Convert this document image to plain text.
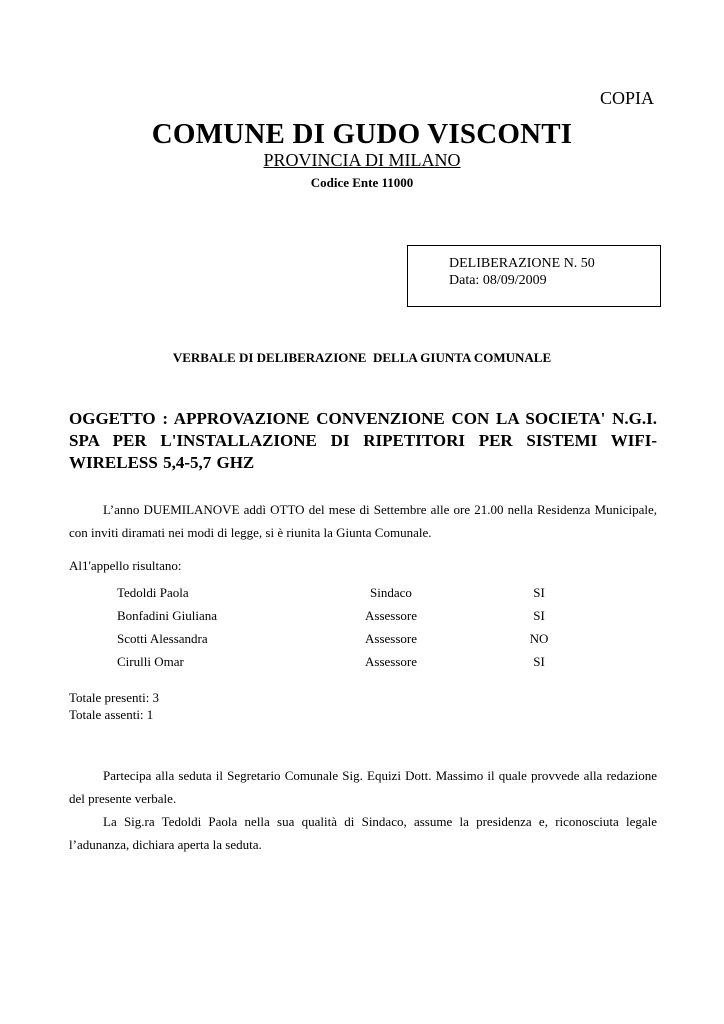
COPIA
COMUNE DI GUDO VISCONTI
PROVINCIA DI MILANO
Codice Ente 11000
DELIBERAZIONE N. 50
Data: 08/09/2009
VERBALE DI DELIBERAZIONE  DELLA GIUNTA COMUNALE
OGGETTO : APPROVAZIONE CONVENZIONE CON LA SOCIETA' N.G.I. SPA PER L'INSTALLAZIONE DI RIPETITORI PER SISTEMI WIFI-WIRELESS 5,4-5,7 GHZ
L’anno DUEMILANOVE addì OTTO del mese di Settembre alle ore 21.00 nella Residenza Municipale, con inviti diramati nei modi di legge, si è riunita la Giunta Comunale.
Al1'appello risultano:
Tedoldi Paola	Sindaco	SI
Bonfadini Giuliana	Assessore	SI
Scotti Alessandra	Assessore	NO
Cirulli Omar	Assessore	SI
Totale presenti: 3
Totale assenti: 1
Partecipa alla seduta il Segretario Comunale Sig. Equizi Dott. Massimo il quale provvede alla redazione del presente verbale.
La Sig.ra Tedoldi Paola nella sua qualità di Sindaco, assume la presidenza e, riconosciuta legale l’adunanza, dichiara aperta la seduta.
